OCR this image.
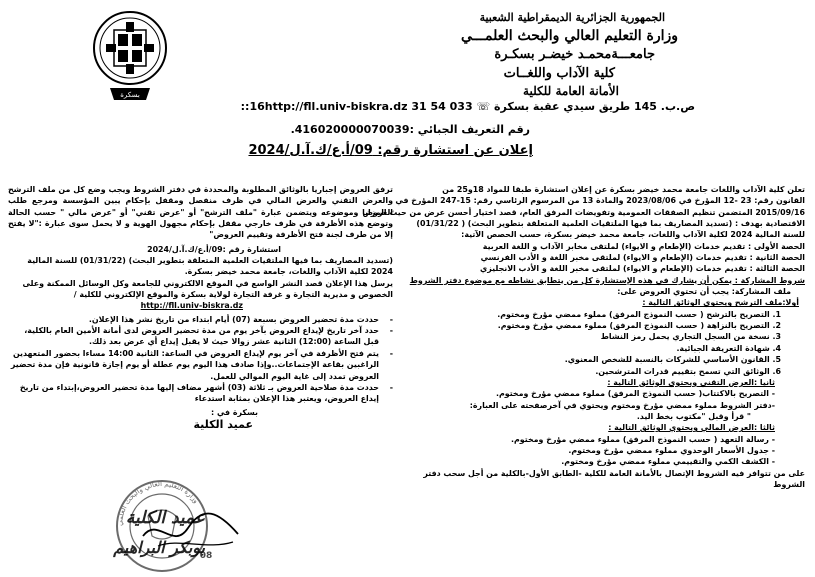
بسكرة
الجمهورية الجزائرية الديمقراطية الشعبية
وزارة التعليم العالي والبحث العلمـــي
جامعـــةمحمـد خيضـر بسكـرة
كلية الآداب واللغــات
الأمانة العامة للكلية
ص.ب. 145 طريق سيدي عقبة بسكرة ☏ 033 54 31 16http://fll.univ-biskra.dz::
رقم التعريف الجبائي :416020000070039.
إعلان عن استشارة رقم: 09/أ.ع/ك.آ.ل/2024

تعلن كلية الآداب واللغات جامعة محمد خيضر بسكرة عن إعلان استشارة طبقا للمواد 18و25 من

القانون رقم: 23 -12 المؤرخ في 2023/08/06 والمادة 13 من المرسوم الرئاسي رقم: 15-247 المؤرخ في

2015/09/16 المتضمن تنظيم الصفقات العمومية وتفويضات المرفق العام، قصد اختيار أحسن عرض من حيث المزايا

الاقتصادية بهدف : (تسديد المصاريف بما فيها الملتقيات العلمية المتعلقة بتطوير البحث) ( 01/31/22)

للسنة المالية 2024 لكلية الآداب واللغات، جامعة محمد خيضر بسكرة، حسب الحصص الآتية:

الحصة الأولى : تقديم خدمات (الإطعام و الايواء) لملتقى مخابر الآداب و اللغة العربية

الحصة الثانية : تقديم خدمات (الإطعام و الايواء) لملتقى مخبر اللغة و الأدب الفرنسي

الحصة الثالثة : تقديم خدمات (الإطعام و الايواء) لملتقى مخبر اللغة و الأدب الانجليزي

شروط المشاركة : يمكن أن يشارك في هذه الإستشارة كل من يتطابق نشاطه مع موضوع دفتر الشروط

ملف المشاركة: يجب أن تحتوي العروض على:

أولا:ملف الترشح ويحتوي الوثائق التالية :

1. التصريح بالترشح ( حسب النموذج المرفق) مملوء ممضي مؤرخ ومختوم.

2. التصريح بالنزاهة ( حسب النموذج المرفق) مملوء ممضي مؤرخ ومختوم.

3. نسخة من السجل التجاري يحمل رمز النشاط

4. شهادة التعريفة الجبائية.

5. القانون الأساسي للشركات بالنسبة للشخص المعنوي.

6. الوثائق التي تسمح بتقييم قدرات المترشحين.

ثانيا :العرض التقني ويحتوي الوثائق التالية :

- التصريح بالاكتتاب( حسب النموذج المرفق) مملوء ممضي مؤرخ ومختوم.

-دفتر الشروط مملوء ممضي مؤرخ ومختوم ويحتوي في آخرصفحته على العبارة:

" قرأ وقبل "مكتوب بخط اليد.

ثالثا :العرض المالي ويحتوي الوثائق التالية :

- رسالة التعهد ( حسب النموذج المرفق) مملوء ممضي مؤرخ ومختوم.

- جدول الأسعار الوحدوي مملوء ممضي مؤرخ ومختوم.

- الكشف الكمي والتقييمي مملوء ممضي مؤرخ ومختوم.

على من تتوافر فيه الشروط الإتصال بالأمانة العامة للكلية -الطابق الأول-بالكلية من أجل سحب دفتر

الشروط

ترفق العروض إجباريا بالوثائق المطلوبة والمحددة في دفتر الشروط ويجب وضع كل من ملف الترشح والعرض التقني والعرض المالي في ظرف منفصل ومقفل بإحكام يبين المؤسسة ومرجع طلب العروض وموضوعه ويتضمن عبارة "ملف الترشح" أو "عرض تقني" أو "عرض مالي " حسب الحالة وتوضع هذه الأظرفة في ظرف خارجي مقفل بإحكام مجهول الهوية و لا يحمل سوى عبارة :"لا يفتح إلا من طرف لجنة فتح الأظرفة وتقييم العروض"

استشارة رقم :09/أ.ع/ك.آ.ل/2024

(تسديد المصاريف بما فيها الملتقيات العلمية المتعلقة بتطوير البحث) (01/31/22) للسنة المالية 2024 لكلية الآداب واللغات، جامعة محمد خيضر بسكرة.

يرسل هذا الإعلان قصد النشر الواسع في الموقع الالكتروني للجامعة وكل الوسائل الممكنة وعلى الخصوص و مديرية التجارة و غرفة التجارة لولاية بسكرة والموقع الإلكتروني للكلية /

http://fll.univ-biskra.dz

-
حددت مدة تحضير العروض بسبعة (07) أيام ابتداء من تاريخ نشر هذا الإعلان.

-
حدد آخر تاريخ لإيداع العروض بآخر يوم من مدة تحضير العروض لدى أمانة الأمين العام بالكلية، قبل الساعة (12:00) الثانية عشر زوالا حيث لا يقبل إيداع أي عرض بعد ذلك.

-
يتم فتح الأظرفة في آخر يوم لإيداع العروض في الساعة: الثانية 14:00 مساءا بحضور المتعهدين الراغبين بقاعة الإجتماعات..وإذا صادف هذا اليوم يوم عطلة أو يوم إجازة قانونية فإن مدة تحضير العروض تمدد إلى غاية اليوم الموالي للعمل.

-
حددت مدة صلاحية العروض بـ ثلاثة (03) أشهر مضاف إليها مدة تحضير العروض،إبتداء من تاريخ إيداع العروض، ويعتبر هذا الإعلان بمثابة استدعاء

بسكرة في :

عميد الكلية

وزارة التعليم العالي والبحث العلمي
08
عميد الكلية
بوبكر البراهيم
